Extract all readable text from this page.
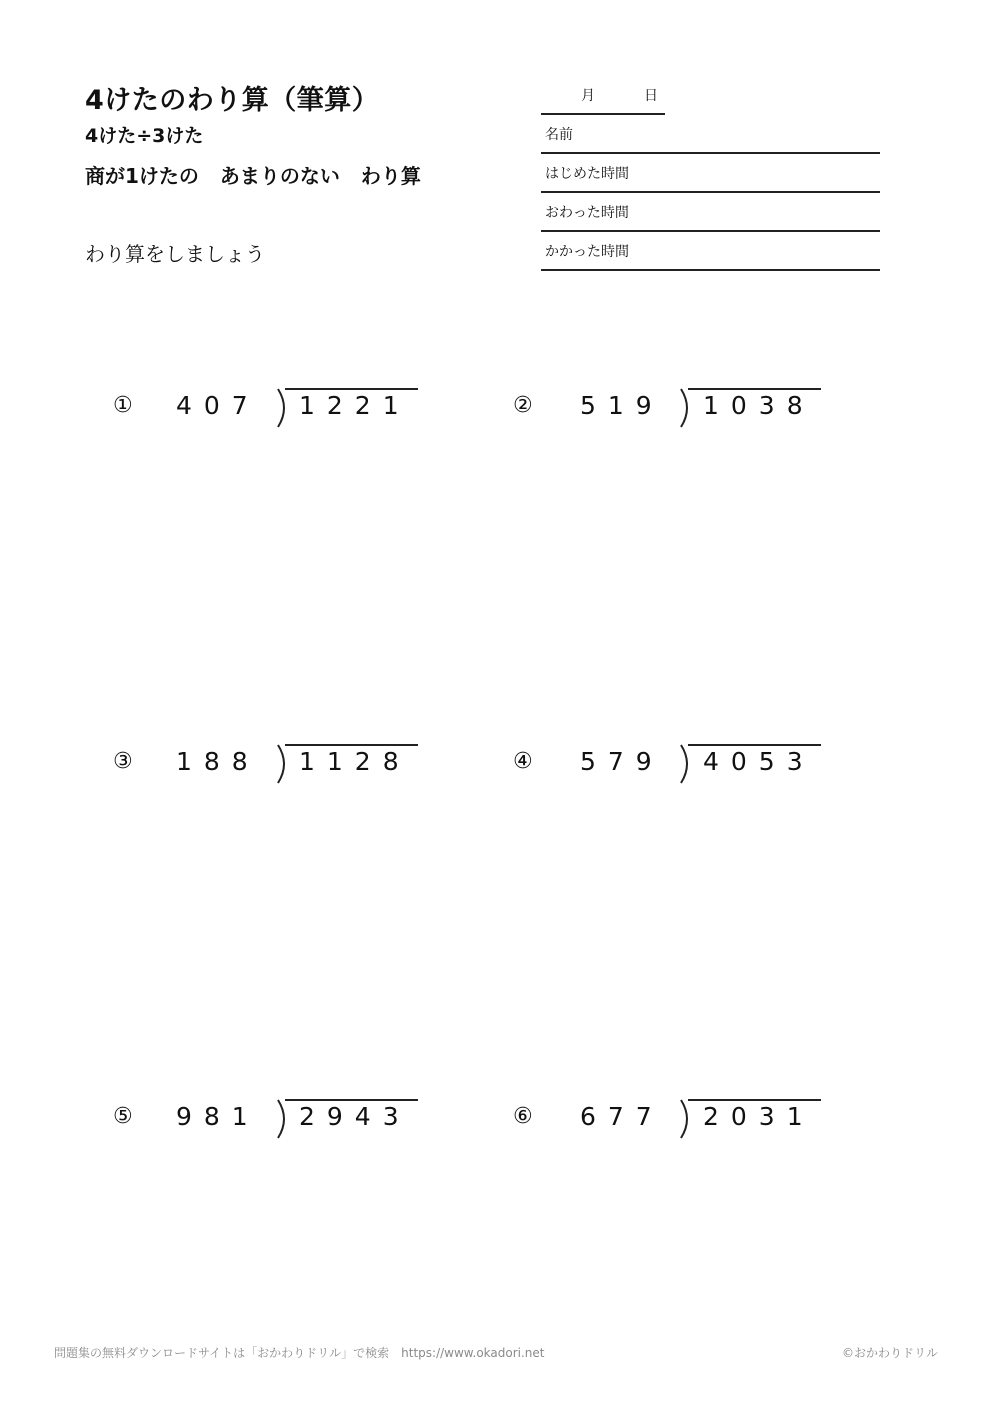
4けたのわり算（筆算）
4けた÷3けた
商が1けたの あまりのない わり算
わり算をしましょう
月	日
名前
はじめた時間
おわった時間
かかった時間
① 407 1221	② 519 1038
③ 188 1128	④ 579 4053
⑤ 981 2943	⑥ 677 2031
問題集の無料ダウンロードサイトは「おかわりドリル」で検索　https://www.okadori.net	©おかわりドリル
